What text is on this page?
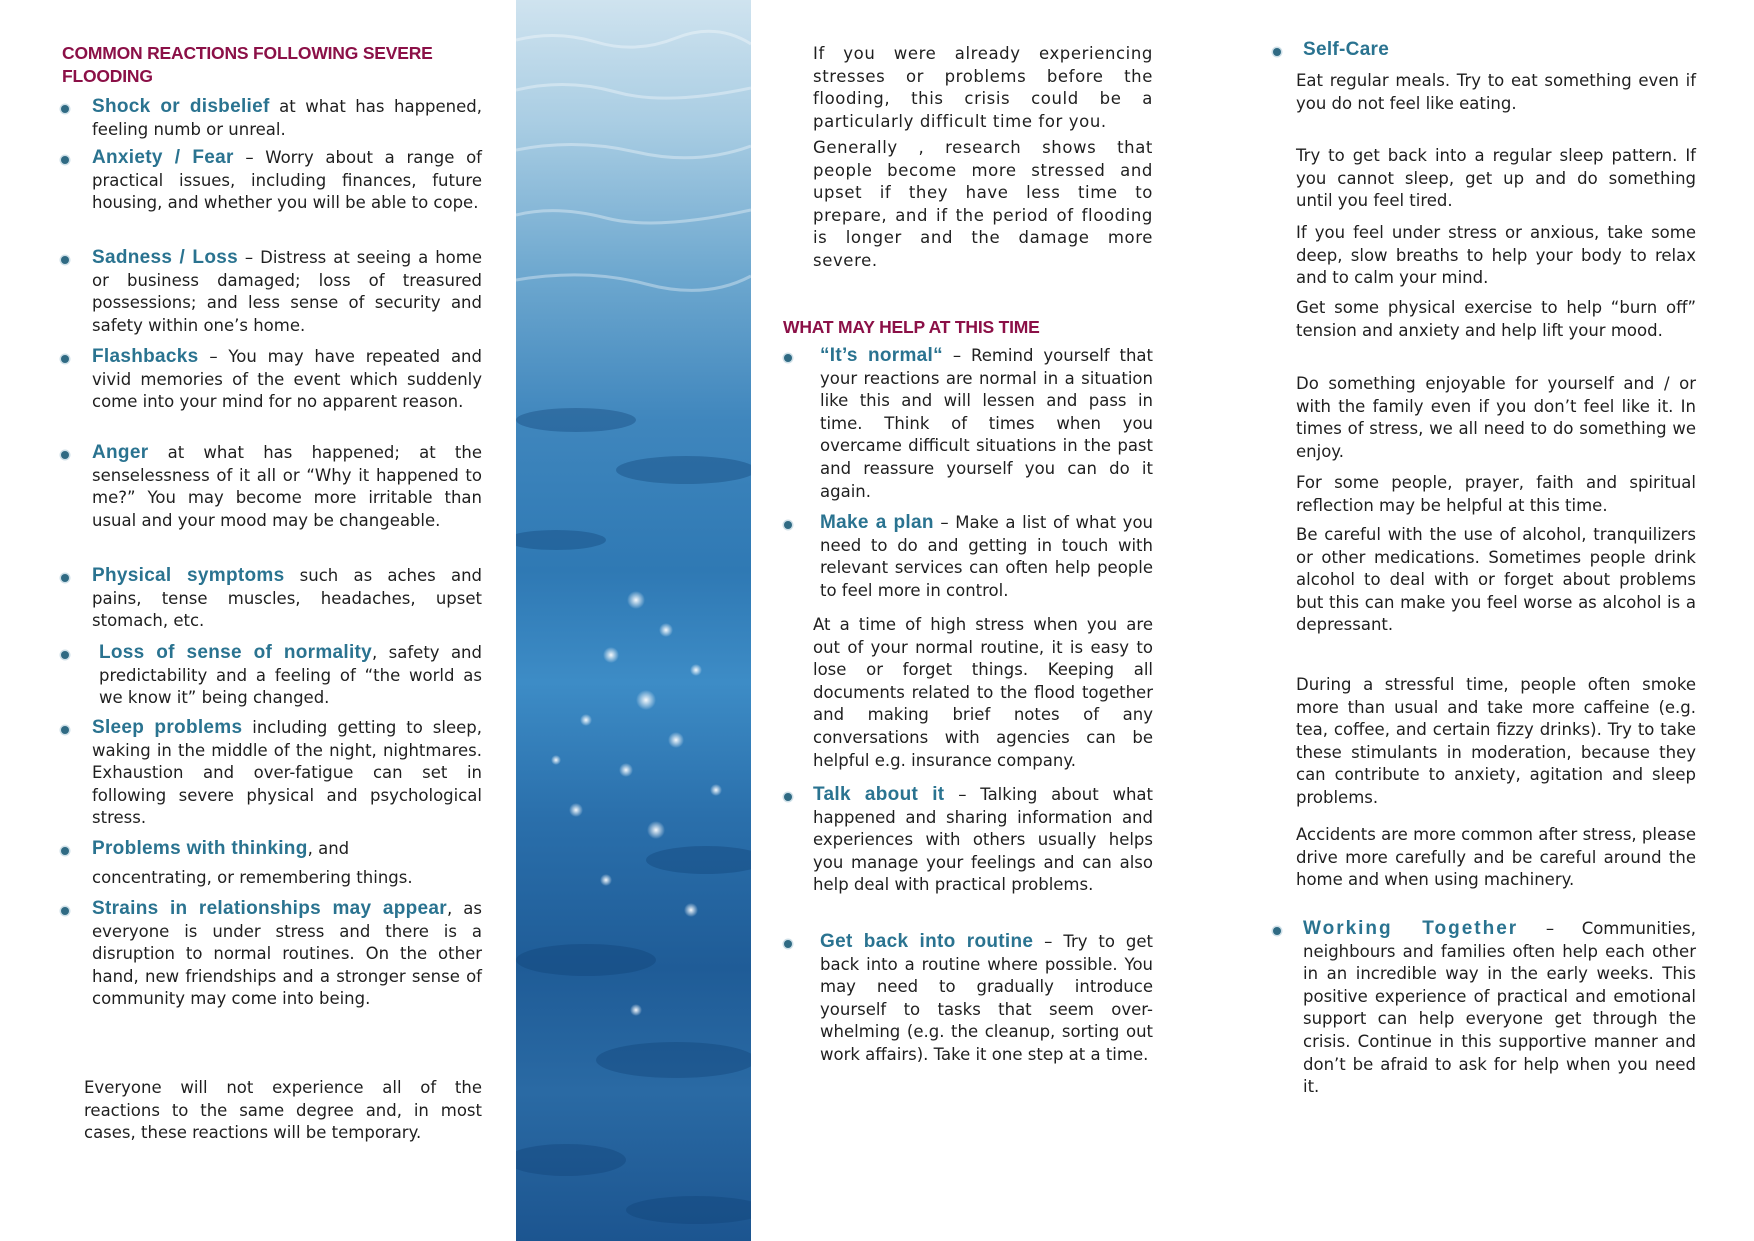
COMMON REACTIONS FOLLOWING SEVERE FLOODING

Shock or disbelief at what has happened, feeling numb or unreal.

Anxiety / Fear – Worry about a range of practical issues, including finances, future housing, and whether you will be able to cope.

Sadness / Loss – Distress at seeing a home or business damaged; loss of treasured possessions; and less sense of security and safety within one’s home.

Flashbacks – You may have repeated and vivid memories of the event which suddenly come into your mind for no apparent reason.

Anger at what has happened; at the senselessness of it all or “Why it happened to me?” You may become more irritable than usual and your mood may be changeable.

Physical symptoms such as aches and pains, tense muscles, headaches, upset stomach, etc.

Loss of sense of normality, safety and predictability and a feeling of “the world as we know it” being changed.

Sleep problems including getting to sleep, waking in the middle of the night, nightmares. Exhaustion and over-fatigue can set in following severe physical and psychological stress.

Problems with thinking, and

concentrating, or remembering things.

Strains in relationships may appear, as everyone is under stress and there is a disruption to normal routines. On the other hand, new friendships and a stronger sense of community may come into being.

Everyone will not experience all of the reactions to the same degree and, in most cases, these reactions will be temporary.

If you were already experiencing stresses or problems before the flooding, this crisis could be a particularly difficult time for you.

Generally , research shows that people become more stressed and upset if they have less time to prepare, and if the period of flooding is longer and the damage more severe.

WHAT MAY HELP AT THIS TIME

“It’s normal“ – Remind yourself that your reactions are normal in a situation like this and will lessen and pass in time. Think of times when you overcame difficult situations in the past and reassure yourself you can do it again.

Make a plan – Make a list of what you need to do and getting in touch with relevant services can often help people to feel more in control.

At a time of high stress when you are out of your normal routine, it is easy to lose or forget things. Keeping all documents related to the flood together and making brief notes of any conversations with agencies can be helpful e.g. insurance company.

Talk about it – Talking about what happened and sharing information and experiences with others usually helps you manage your feelings and can also help deal with practical problems.

Get back into routine – Try to get back into a routine where possible. You may need to gradually introduce yourself to tasks that seem over-whelming (e.g. the cleanup, sorting out work affairs). Take it one step at a time.

Self-Care

Eat regular meals. Try to eat something even if you do not feel like eating.

Try to get back into a regular sleep pattern. If you cannot sleep, get up and do something until you feel tired.

If you feel under stress or anxious, take some deep, slow breaths to help your body to relax and to calm your mind.

Get some physical exercise to help “burn off” tension and anxiety and help lift your mood.

Do something enjoyable for yourself and / or with the family even if you don’t feel like it. In times of stress, we all need to do something we enjoy.

For some people, prayer, faith and spiritual reflection may be helpful at this time.

Be careful with the use of alcohol, tranquilizers or other medications. Sometimes people drink alcohol to deal with or forget about problems but this can make you feel worse as alcohol is a depressant.

During a stressful time, people often smoke more than usual and take more caffeine (e.g. tea, coffee, and certain fizzy drinks). Try to take these stimulants in moderation, because they can contribute to anxiety, agitation and sleep problems.

Accidents are more common after stress, please drive more carefully and be careful around the home and when using machinery.

Working Together – Communities, neighbours and families often help each other in an incredible way in the early weeks. This positive experience of practical and emotional support can help everyone get through the crisis. Continue in this supportive manner and don’t be afraid to ask for help when you need it.
